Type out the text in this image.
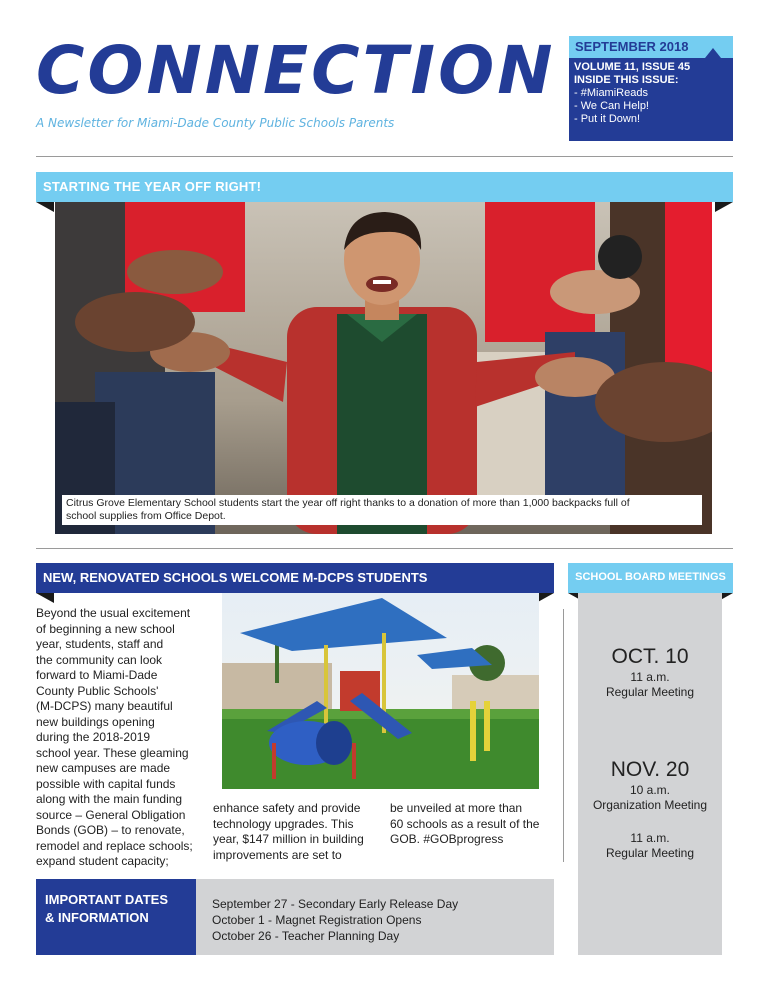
CONNECTION
A Newsletter for Miami-Dade County Public Schools Parents
SEPTEMBER 2018
VOLUME 11, ISSUE 45
INSIDE THIS ISSUE:
- #MiamiReads
- We Can Help!
- Put it Down!
STARTING THE YEAR OFF RIGHT!
Citrus Grove Elementary School students start the year off right thanks to a donation of more than 1,000 backpacks full of
school supplies from Office Depot.
NEW, RENOVATED SCHOOLS WELCOME M-DCPS STUDENTS
Beyond the usual excitement
of beginning a new school
year, students, staff and
the community can look
forward to Miami-Dade
County Public Schools'
(M-DCPS) many beautiful
new buildings opening
during the 2018-2019
school year. These gleaming
new campuses are made
possible with capital funds
along with the main funding
source – General Obligation
Bonds (GOB) – to renovate,
remodel and replace schools;
expand student capacity;
enhance safety and provide
technology upgrades. This
year, $147 million in building
improvements are set to
be unveiled at more than
60 schools as a result of the
GOB. #GOBprogress
SCHOOL BOARD MEETINGS
OCT. 10
11 a.m.
Regular Meeting
NOV. 20
10 a.m.
Organization Meeting
11 a.m.
Regular Meeting
IMPORTANT DATES
& INFORMATION
September 27 - Secondary Early Release Day
October 1 - Magnet Registration Opens
October 26 - Teacher Planning Day
